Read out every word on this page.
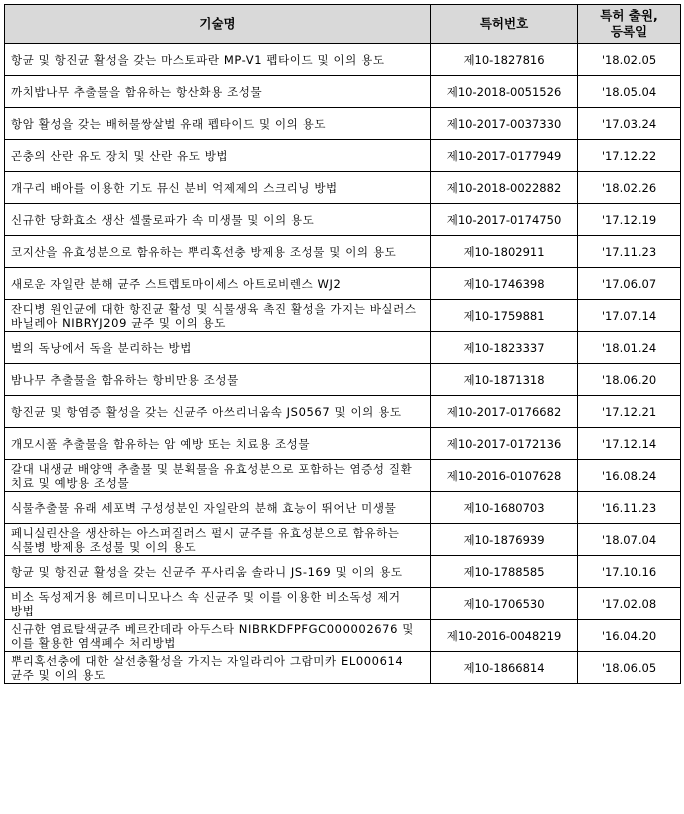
기술명	특허번호	특허 출원,
등록일
항균 및 항진균 활성을 갖는 마스토파란 MP-V1 펩타이드 및 이의 용도	제10-1827816	'18.02.05
까치밥나무 추출물을 함유하는 항산화용 조성물	제10-2018-0051526	'18.05.04
항암 활성을 갖는 배허물쌍살벌 유래 펩타이드 및 이의 용도	제10-2017-0037330	'17.03.24
곤충의 산란 유도 장치 및 산란 유도 방법	제10-2017-0177949	'17.12.22
개구리 배아를 이용한 기도 뮤신 분비 억제제의 스크리닝 방법	제10-2018-0022882	'18.02.26
신규한 당화효소 생산 셀룰로파가 속 미생물 및 이의 용도	제10-2017-0174750	'17.12.19
코지산을 유효성분으로 함유하는 뿌리혹선충 방제용 조성물 및 이의 용도	제10-1802911	'17.11.23
새로운 자일란 분해 균주 스트렙토마이세스 아트로비렌스 WJ2	제10-1746398	'17.06.07
잔디병 원인균에 대한 항진균 활성 및 식물생육 촉진 활성을 가지는 바실러스 바닐레아 NIBRYJ209 균주 및 이의 용도	제10-1759881	'17.07.14
벌의 독낭에서 독을 분리하는 방법	제10-1823337	'18.01.24
밤나무 추출물을 함유하는 항비만용 조성물	제10-1871318	'18.06.20
항진균 및 항염증 활성을 갖는 신균주 아쓰리너움속 JS0567 및 이의 용도	제10-2017-0176682	'17.12.21
개모시풀 추출물을 함유하는 암 예방 또는 치료용 조성물	제10-2017-0172136	'17.12.14
갈대 내생균 배양액 추출물 및 분획물을 유효성분으로 포함하는 염증성 질환 치료 및 예방용 조성물	제10-2016-0107628	'16.08.24
식물추출물 유래 세포벽 구성성분인 자일란의 분해 효능이 뛰어난 미생물	제10-1680703	'16.11.23
페니실린산을 생산하는 아스퍼질러스 펄시 균주를 유효성분으로 함유하는 식물병 방제용 조성물 및 이의 용도	제10-1876939	'18.07.04
항균 및 항진균 활성을 갖는 신균주 푸사리움 솔라니 JS-169 및 이의 용도	제10-1788585	'17.10.16
비소 독성제거용 헤르미니모나스 속 신균주 및 이를 이용한 비소독성 제거 방법	제10-1706530	'17.02.08
신규한 염료탈색균주 베르칸데라 아두스타 NIBRKDFPFGC000002676 및 이를 활용한 염색폐수 처리방법	제10-2016-0048219	'16.04.20
뿌리혹선충에 대한 살선충활성을 가지는 자일라리아 그람미카 EL000614 균주 및 이의 용도	제10-1866814	'18.06.05
